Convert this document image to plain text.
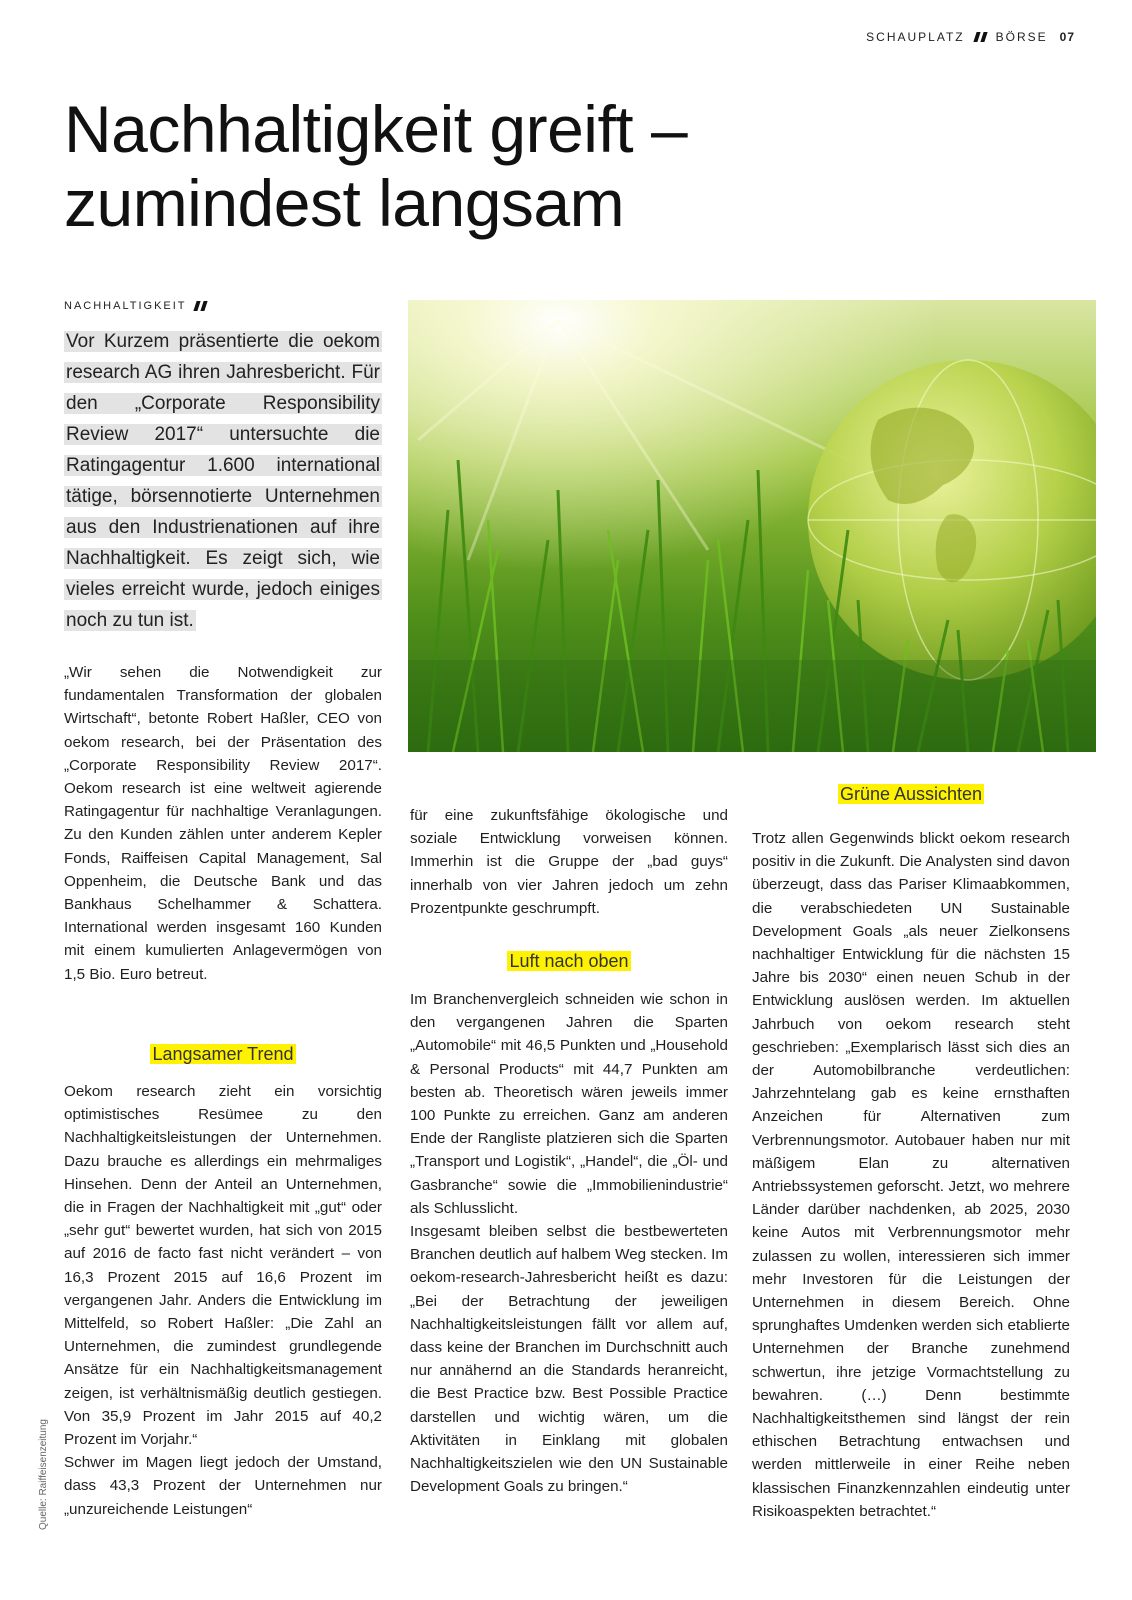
SCHAUPLATZ	BÖRSE 07
Nachhaltigkeit greift –
zumindest langsam
NACHHALTIGKEIT

Vor Kurzem präsentierte die oekom research AG ihren Jahresbericht. Für den „Corporate Responsibility Review 2017“ untersuchte die Ratingagentur 1.600 international tätige, börsennotierte Unternehmen aus den Industrienationen auf ihre Nachhaltigkeit. Es zeigt sich, wie vieles erreicht wurde, jedoch einiges noch zu tun ist.

„Wir sehen die Notwendigkeit zur fundamentalen Transformation der globalen Wirtschaft“, betonte Robert Haßler, CEO von oekom research, bei der Präsentation des „Corporate Responsibility Review 2017“. Oekom research ist eine weltweit agierende Ratingagentur für nachhaltige Veranlagungen. Zu den Kunden zählen unter anderem Kepler Fonds, Raiffeisen Capital Management, Sal Oppenheim, die Deutsche Bank und das Bankhaus Schelhammer & Schattera. International werden insgesamt 160 Kunden mit einem kumulierten Anlagevermögen von 1,5 Bio. Euro betreut.

Langsamer Trend

Oekom research zieht ein vorsichtig optimistisches Resümee zu den Nachhaltigkeitsleistungen der Unternehmen. Dazu brauche es allerdings ein mehrmaliges Hinsehen. Denn der Anteil an Unternehmen, die in Fragen der Nachhaltigkeit mit „gut“ oder „sehr gut“ bewertet wurden, hat sich von 2015 auf 2016 de facto fast nicht verändert – von 16,3 Prozent 2015 auf 16,6 Prozent im vergangenen Jahr. Anders die Entwicklung im Mittelfeld, so Robert Haßler: „Die Zahl an Unternehmen, die zumindest grundlegende Ansätze für ein Nachhaltigkeitsmanagement zeigen, ist verhältnismäßig deutlich gestiegen. Von 35,9 Prozent im Jahr 2015 auf 40,2 Prozent im Vorjahr.“

Schwer im Magen liegt jedoch der Umstand, dass 43,3 Prozent der Unternehmen nur „unzureichende Leistungen“

für eine zukunftsfähige ökologische und soziale Entwicklung vorweisen können. Immerhin ist die Gruppe der „bad guys“ innerhalb von vier Jahren jedoch um zehn Prozentpunkte geschrumpft.

Luft nach oben

Im Branchenvergleich schneiden wie schon in den vergangenen Jahren die Sparten „Automobile“ mit 46,5 Punkten und „Household & Personal Products“ mit 44,7 Punkten am besten ab. Theoretisch wären jeweils immer 100 Punkte zu erreichen. Ganz am anderen Ende der Rangliste platzieren sich die Sparten „Transport und Logistik“, „Handel“, die „Öl- und Gasbranche“ sowie die „Immobilienindustrie“ als Schlusslicht.

Insgesamt bleiben selbst die bestbewerteten Branchen deutlich auf halbem Weg stecken. Im oekom-research-Jahresbericht heißt es dazu: „Bei der Betrachtung der jeweiligen Nachhaltigkeitsleistungen fällt vor allem auf, dass keine der Branchen im Durchschnitt auch nur annähernd an die Standards heranreicht, die Best Practice bzw. Best Possible Practice darstellen und wichtig wären, um die Aktivitäten in Einklang mit globalen Nachhaltigkeitszielen wie den UN Sustainable Development Goals zu bringen.“

Grüne Aussichten

Trotz allen Gegenwinds blickt oekom research positiv in die Zukunft. Die Analysten sind davon überzeugt, dass das Pariser Klimaabkommen, die verabschiedeten UN Sustainable Development Goals „als neuer Zielkonsens nachhaltiger Entwicklung für die nächsten 15 Jahre bis 2030“ einen neuen Schub in der Entwicklung auslösen werden. Im aktuellen Jahrbuch von oekom research steht geschrieben: „Exemplarisch lässt sich dies an der Automobilbranche verdeutlichen: Jahrzehntelang gab es keine ernsthaften Anzeichen für Alternativen zum Verbrennungsmotor. Autobauer haben nur mit mäßigem Elan zu alternativen Antriebssystemen geforscht. Jetzt, wo mehrere Länder darüber nachdenken, ab 2025, 2030 keine Autos mit Verbrennungsmotor mehr zulassen zu wollen, interessieren sich immer mehr Investoren für die Leistungen der Unternehmen in diesem Bereich. Ohne sprunghaftes Umdenken werden sich etablierte Unternehmen der Branche zunehmend schwertun, ihre jetzige Vormachtstellung zu bewahren. (…) Denn bestimmte Nachhaltigkeitsthemen sind längst der rein ethischen Betrachtung entwachsen und werden mittlerweile in einer Reihe neben klassischen Finanzkennzahlen eindeutig unter Risikoaspekten betrachtet.“

Quelle: Raiffeisenzeitung
